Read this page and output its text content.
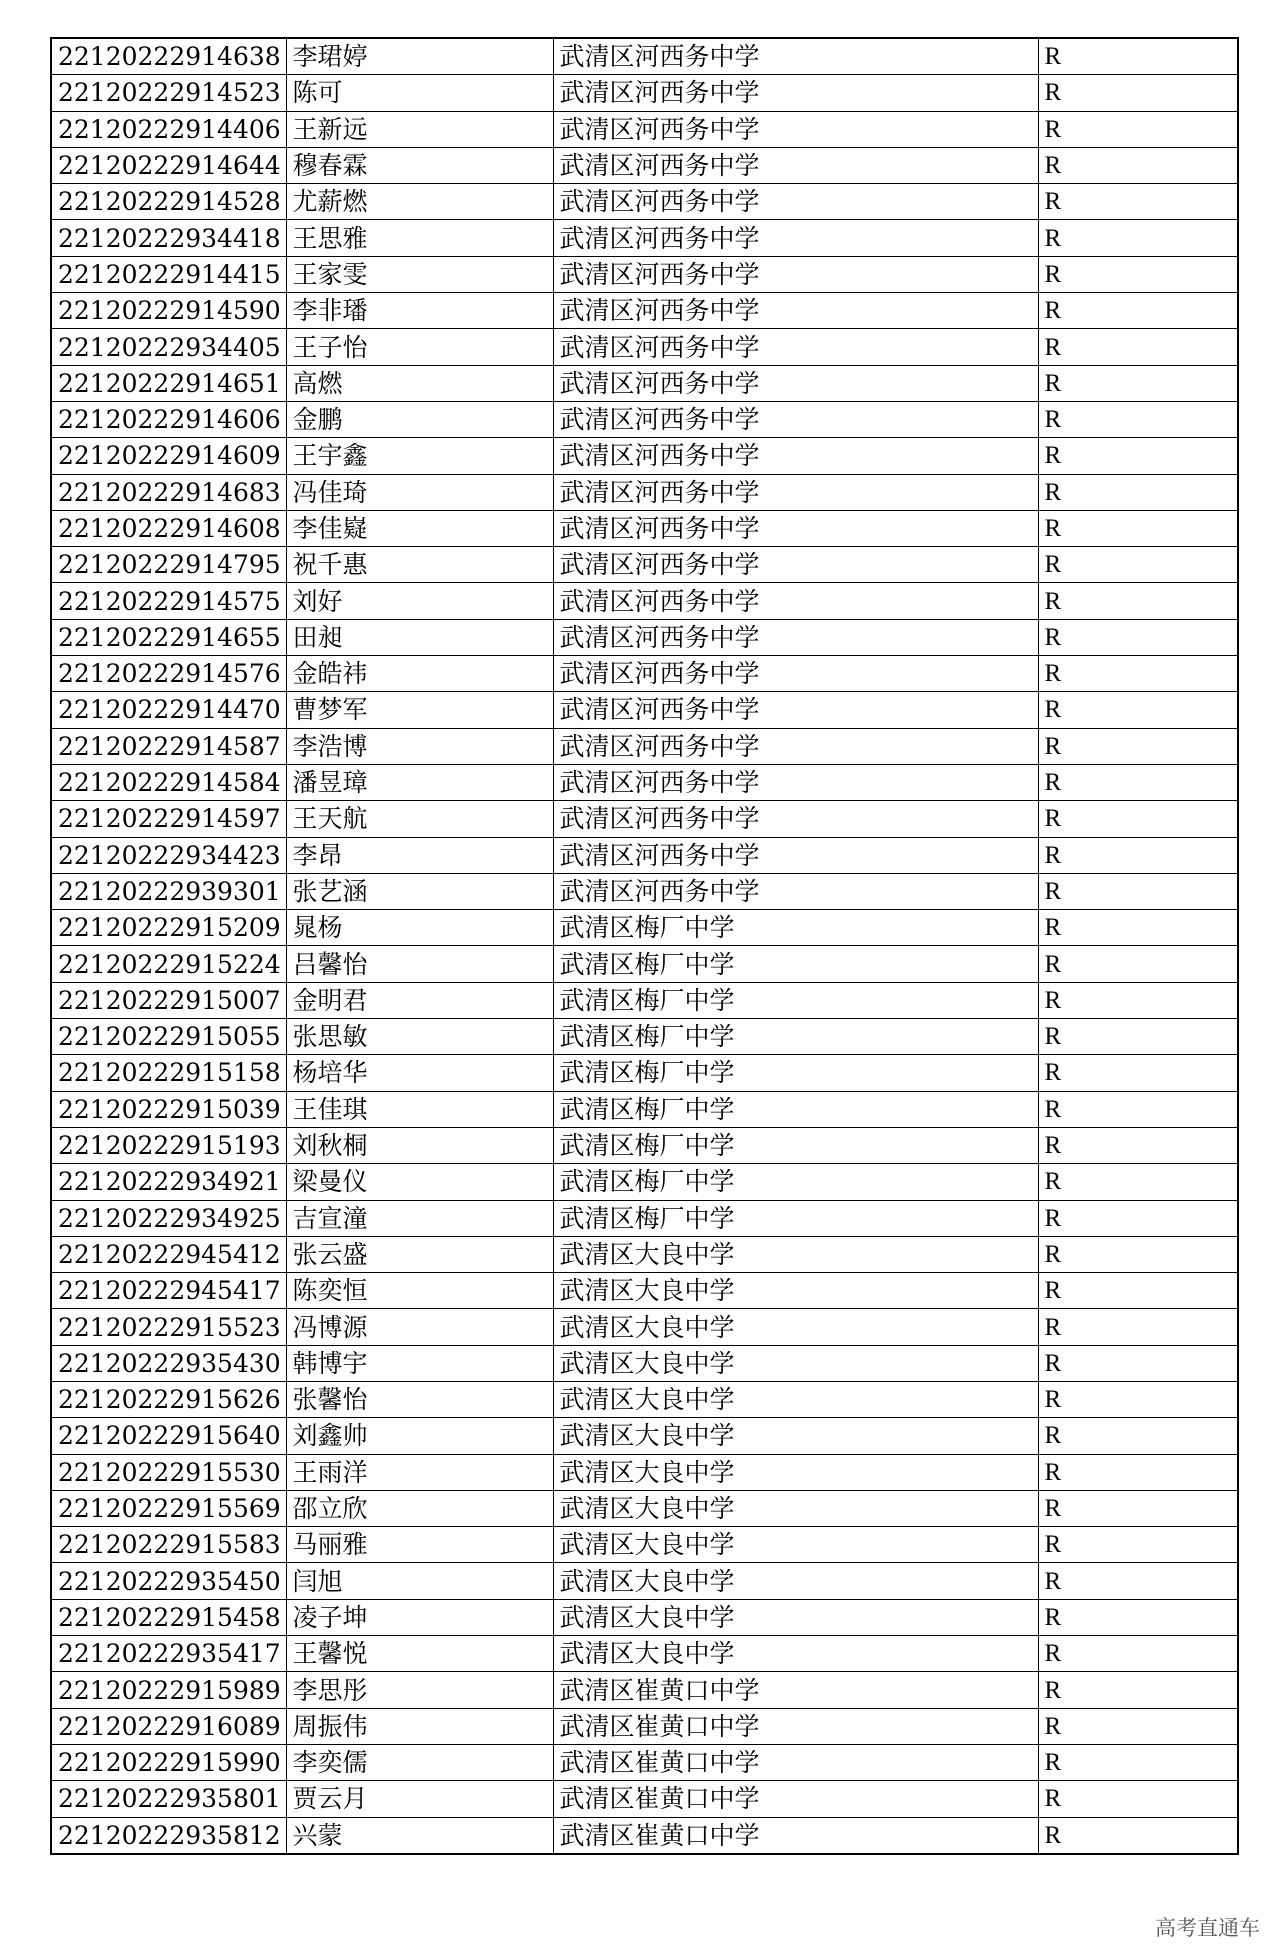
22120222914638	李珺婷	武清区河西务中学	R
22120222914523	陈可	武清区河西务中学	R
22120222914406	王新远	武清区河西务中学	R
22120222914644	穆春霖	武清区河西务中学	R
22120222914528	尤薪燃	武清区河西务中学	R
22120222934418	王思雅	武清区河西务中学	R
22120222914415	王家雯	武清区河西务中学	R
22120222914590	李非璠	武清区河西务中学	R
22120222934405	王子怡	武清区河西务中学	R
22120222914651	高燃	武清区河西务中学	R
22120222914606	金鹏	武清区河西务中学	R
22120222914609	王宇鑫	武清区河西务中学	R
22120222914683	冯佳琦	武清区河西务中学	R
22120222914608	李佳嶷	武清区河西务中学	R
22120222914795	祝千惠	武清区河西务中学	R
22120222914575	刘好	武清区河西务中学	R
22120222914655	田昶	武清区河西务中学	R
22120222914576	金皓祎	武清区河西务中学	R
22120222914470	曹梦军	武清区河西务中学	R
22120222914587	李浩博	武清区河西务中学	R
22120222914584	潘昱璋	武清区河西务中学	R
22120222914597	王天航	武清区河西务中学	R
22120222934423	李昂	武清区河西务中学	R
22120222939301	张艺涵	武清区河西务中学	R
22120222915209	晁杨	武清区梅厂中学	R
22120222915224	吕馨怡	武清区梅厂中学	R
22120222915007	金明君	武清区梅厂中学	R
22120222915055	张思敏	武清区梅厂中学	R
22120222915158	杨培华	武清区梅厂中学	R
22120222915039	王佳琪	武清区梅厂中学	R
22120222915193	刘秋桐	武清区梅厂中学	R
22120222934921	梁曼仪	武清区梅厂中学	R
22120222934925	吉宣潼	武清区梅厂中学	R
22120222945412	张云盛	武清区大良中学	R
22120222945417	陈奕恒	武清区大良中学	R
22120222915523	冯博源	武清区大良中学	R
22120222935430	韩博宇	武清区大良中学	R
22120222915626	张馨怡	武清区大良中学	R
22120222915640	刘鑫帅	武清区大良中学	R
22120222915530	王雨洋	武清区大良中学	R
22120222915569	邵立欣	武清区大良中学	R
22120222915583	马丽雅	武清区大良中学	R
22120222935450	闫旭	武清区大良中学	R
22120222915458	凌子坤	武清区大良中学	R
22120222935417	王馨悦	武清区大良中学	R
22120222915989	李思彤	武清区崔黄口中学	R
22120222916089	周振伟	武清区崔黄口中学	R
22120222915990	李奕儒	武清区崔黄口中学	R
22120222935801	贾云月	武清区崔黄口中学	R
22120222935812	兴蒙	武清区崔黄口中学	R
高考直通车
